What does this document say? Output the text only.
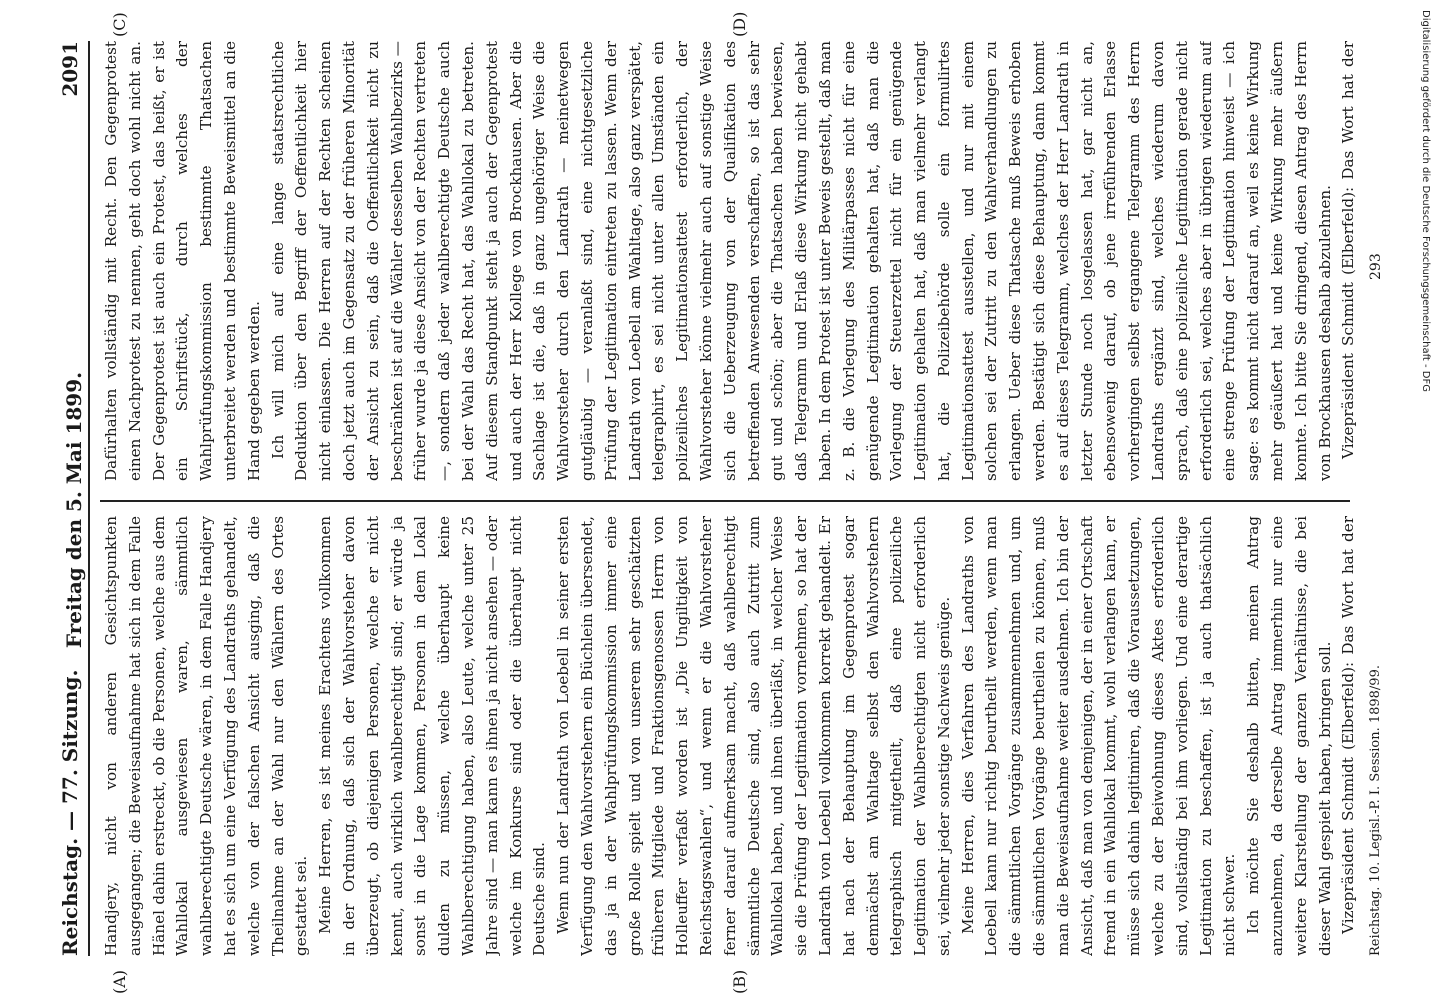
Reichstag. — 77. Sitzung.
2091
(A)	(B)
(C)	(D)

Handjery, nicht von anderen Gesichtspunkten ausgegangen; die Beweisaufnahme hat sich in dem Falle Hänel dahin erstreckt, ob die Personen, welche aus dem Wahllokal ausgewiesen waren, sämmtlich wahlberechtigte Deutsche wären, in dem Falle Handjery hat es sich um eine Verfügung des Landraths gehandelt, welche von der falschen Ansicht ausging, daß die Theilnahme an der Wahl nur den Wählern des Ortes gestattet sei. Meine Herren, es ist meines Erachtens vollkommen in der Ordnung, daß sich der Wahlvorsteher davon überzeugt, ob diejenigen Personen, welche er nicht kennt, auch wirklich wahlberechtigt sind; er würde ja sonst in die Lage kommen, Personen in dem Lokal dulden zu müssen, welche überhaupt keine Wahlberechtigung haben, also Leute, welche unter 25 Jahre sind — man kann es ihnen ja nicht ansehen — oder welche im Konkurse sind oder die überhaupt nicht Deutsche sind. Wenn nun der Landrath von Loebell in seiner ersten Verfügung den Wahlvorstehern ein Büchlein übersendet, das ja in der Wahlprüfungskommission immer eine große Rolle spielt und von unserem sehr geschätzten früheren Mitgliede und Fraktionsgenossen Herrn von Holleuffer verfaßt worden ist „Die Ungiltigkeit von Reichstagswahlen“, und wenn er die Wahlvorsteher ferner darauf aufmerksam macht, daß wahlberechtigt sämmtliche Deutsche sind, also auch Zutritt zum Wahllokal haben, und ihnen überläßt, in welcher Weise sie die Prüfung der Legitimation vornehmen, so hat der Landrath von Loebell vollkommen korrekt gehandelt. Er hat nach der Behauptung im Gegenprotest sogar demnächst am Wahltage selbst den Wahlvorstehern telegraphisch mitgetheilt, daß eine polizeiliche Legitimation der Wahlberechtigten nicht erforderlich sei, vielmehr jeder sonstige Nachweis genüge. Meine Herren, dies Verfahren des Landraths von Loebell kann nur richtig beurtheilt werden, wenn man die sämmtlichen Vorgänge zusammennehmen und, um die sämmtlichen Vorgänge beurtheilen zu können, muß man die Beweisaufnahme weiter ausdehnen. Ich bin der Ansicht, daß man von demjenigen, der in einer Ortschaft fremd in ein Wahllokal kommt, wohl verlangen kann, er müsse sich dahin legitimiren, daß die Voraussetzungen, welche zu der Beiwohnung dieses Aktes erforderlich sind, vollständig bei ihm vorliegen. Und eine derartige Legitimation zu beschaffen, ist ja auch thatsächlich nicht schwer. Ich möchte Sie deshalb bitten, meinen Antrag anzunehmen, da derselbe Antrag immerhin nur eine weitere Klarstellung der ganzen Verhältnisse, die bei dieser Wahl gespielt haben, bringen soll. Vizepräsident Schmidt (Elberfeld): Das Wort hat der

Dafürhalten vollständig mit Recht. Den Gegenprotest einen Nachprotest zu nennen, geht doch wohl nicht an. Der Gegenprotest ist auch ein Protest, das heißt, er ist ein Schriftstück, durch welches der Wahlprüfungskommission bestimmte Thatsachen unterbreitet werden und bestimmte Beweismittel an die Hand gegeben werden. Ich will mich auf eine lange staatsrechtliche Deduktion über den Begriff der Oeffentlichkeit hier nicht einlassen. Die Herren auf der Rechten scheinen doch jetzt auch im Gegensatz zu der früheren Minorität der Ansicht zu sein, daß die Oeffentlichkeit nicht zu beschränken ist auf die Wähler desselben Wahlbezirks — früher wurde ja diese Ansicht von der Rechten vertreten —, sondern daß jeder wahlberechtigte Deutsche auch bei der Wahl das Recht hat, das Wahllokal zu betreten. Auf diesem Standpunkt steht ja auch der Gegenprotest und auch der Herr Kollege von Brockhausen. Aber die Sachlage ist die, daß in ganz ungehöriger Weise die Wahlvorsteher durch den Landrath — meinetwegen gutgläubig — veranlaßt sind, eine nichtgesetzliche Prüfung der Legitimation eintreten zu lassen. Wenn der Landrath von Loebell am Wahltage, also ganz verspätet, telegraphirt, es sei nicht unter allen Umständen ein polizeiliches Legitimationsattest erforderlich, der Wahlvorsteher könne vielmehr auch auf sonstige Weise sich die Ueberzeugung von der Qualifikation des betreffenden Anwesenden verschaffen, so ist das sehr gut und schön; aber die Thatsachen haben bewiesen, daß Telegramm und Erlaß diese Wirkung nicht gehabt haben. In dem Protest ist unter Beweis gestellt, daß man z. B. die Vorlegung des Militärpasses nicht für eine genügende Legitimation gehalten hat, daß man die Vorlegung der Steuerzettel nicht für ein genügende Legitimation gehalten hat, daß man vielmehr verlangt hat, die Polizeibehörde solle ein formulirtes Legitimationsattest ausstellen, und nur mit einem solchen sei der Zutritt zu den Wahlverhandlungen zu erlangen. Ueber diese Thatsache muß Beweis erhoben werden. Bestätigt sich diese Behauptung, dann kommt es auf dieses Telegramm, welches der Herr Landrath in letzter Stunde noch losgelassen hat, gar nicht an, ebensowenig darauf, ob jene irreführenden Erlasse vorhergingen selbst ergangene Telegramm des Herrn Landraths ergänzt sind, welches wiederum davon sprach, daß eine polizeiliche Legitimation gerade nicht erforderlich sei, welches aber in übrigen wiederum auf eine strenge Prüfung der Legitimation hinweist — ich sage: es kommt nicht darauf an, weil es keine Wirkung mehr geäußert hat und keine Wirkung mehr äußern konnte. Ich bitte Sie dringend, diesen Antrag des Herrn von Brockhausen deshalb abzulehnen. Vizepräsident Schmidt (Elberfeld): Das Wort hat der

Reichstag. 10. Legisl.-P. I. Session. 1898/99.
293	Digitalisierung gefördert durch die Deutsche Forschungsgemeinschaft - DFG
Freitag den 5. Mai 1899.
